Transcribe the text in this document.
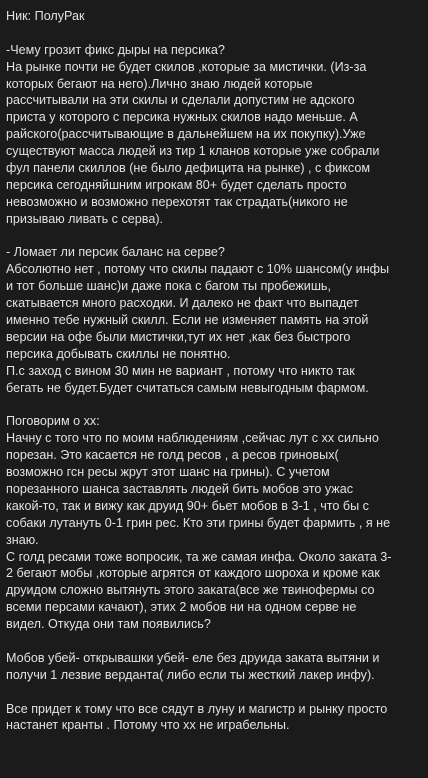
Ник: ПолуРак
-Чему грозит фикс дыры на персика?
На рынке почти не будет скилов ,которые за мистички. (Из-за
которых бегают на него).Лично знаю людей которые
рассчитывали на эти скилы и сделали допустим не адского
приста у которого с персика нужных скилов надо меньше. А
райского(рассчитывающие в дальнейшем на их покупку).Уже
существуют масса людей из тир 1 кланов которые уже собрали
фул панели скиллов (не было дефицита на рынке) , с фиксом
персика сегодняйшним игрокам 80+ будет сделать просто
невозможно и возможно перехотят так страдать(никого не
призываю ливать с серва).
- Ломает ли персик баланс на серве?
Абсолютно нет , потому что скилы падают с 10% шансом(у инфы
и тот больше шанс)и даже пока с багом ты пробежишь,
скатывается много расходки. И далеко не факт что выпадет
именно тебе нужный скилл. Если не изменяет память на этой
версии на офе были мистички,тут их нет ,как без быстрого
персика добывать скиллы не понятно.
П.с заход с вином 30 мин не вариант , потому что никто так
бегать не будет.Будет считаться самым невыгодным фармом.
Поговорим о хх:
Начну с того что по моим наблюдениям ,сейчас лут с хх сильно
порезан. Это касается не голд ресов , а ресов гриновых(
возможно гсн ресы жрут этот шанс на грины). С учетом
порезанного шанса заставлять людей бить мобов это ужас
какой-то, так и вижу как друид 90+ бьет мобов в 3-1 , что бы с
собаки лутануть 0-1 грин рес. Кто эти грины будет фармить , я не
знаю.
С голд ресами тоже вопросик, та же самая инфа. Около заката 3-
2 бегают мобы ,которые агрятся от каждого шороха и кроме как
друидом сложно вытянуть этого заката(все же твинофермы со
всеми персами качают), этих 2 мобов ни на одном серве не
видел. Откуда они там появились?
Мобов убей- открывашки убей- еле без друида заката вытяни и
получи 1 лезвие верданта( либо если ты жесткий лакер инфу).
Все придет к тому что все сядут в луну и магистр и рынку просто
настанет кранты . Потому что хх не играбельны.
